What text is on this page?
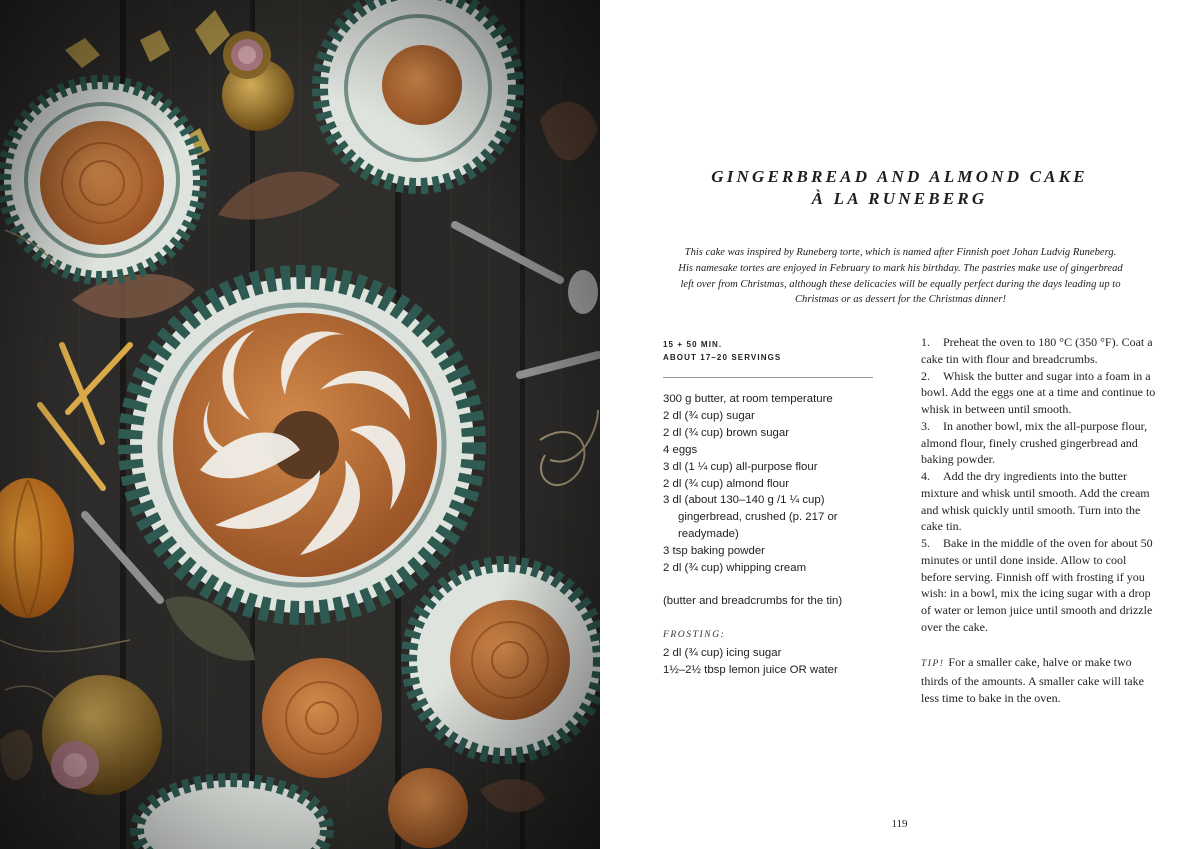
GINGERBREAD AND ALMOND CAKE
À LA RUNEBERG

This cake was inspired by Runeberg torte, which is named after Finnish poet Johan Ludvig Runeberg. His namesake tortes are enjoyed in February to mark his birthday. The pastries make use of gingerbread left over from Christmas, although these delicacies will be equally perfect during the days leading up to Christmas or as dessert for the Christmas dinner!

15 + 50 MIN.
ABOUT 17–20 SERVINGS
300 g butter, at room temperature
2 dl (¾ cup) sugar
2 dl (¾ cup) brown sugar
4 eggs
3 dl (1 ¼ cup) all-purpose flour
2 dl (¾ cup) almond flour
3 dl (about 130–140 g /1 ¼ cup) gingerbread, crushed (p. 217 or readymade)
3 tsp baking powder
2 dl (¾ cup) whipping cream
(butter and breadcrumbs for the tin)
FROSTING:
2 dl (¾ cup) icing sugar
1½–2½ tbsp lemon juice OR water
1. Preheat the oven to 180 °C (350 °F). Coat a cake tin with flour and breadcrumbs.
2. Whisk the butter and sugar into a foam in a bowl. Add the eggs one at a time and continue to whisk in between until smooth.
3. In another bowl, mix the all-purpose flour, almond flour, finely crushed gingerbread and baking powder.
4. Add the dry ingredients into the butter mixture and whisk until smooth. Add the cream and whisk quickly until smooth. Turn into the cake tin.
5. Bake in the middle of the oven for about 50 minutes or until done inside. Allow to cool before serving. Finnish off with frosting if you wish: in a bowl, mix the icing sugar with a drop of water or lemon juice until smooth and drizzle over the cake.

TIP! For a smaller cake, halve or make two thirds of the amounts. A smaller cake will take less time to bake in the oven.

119
